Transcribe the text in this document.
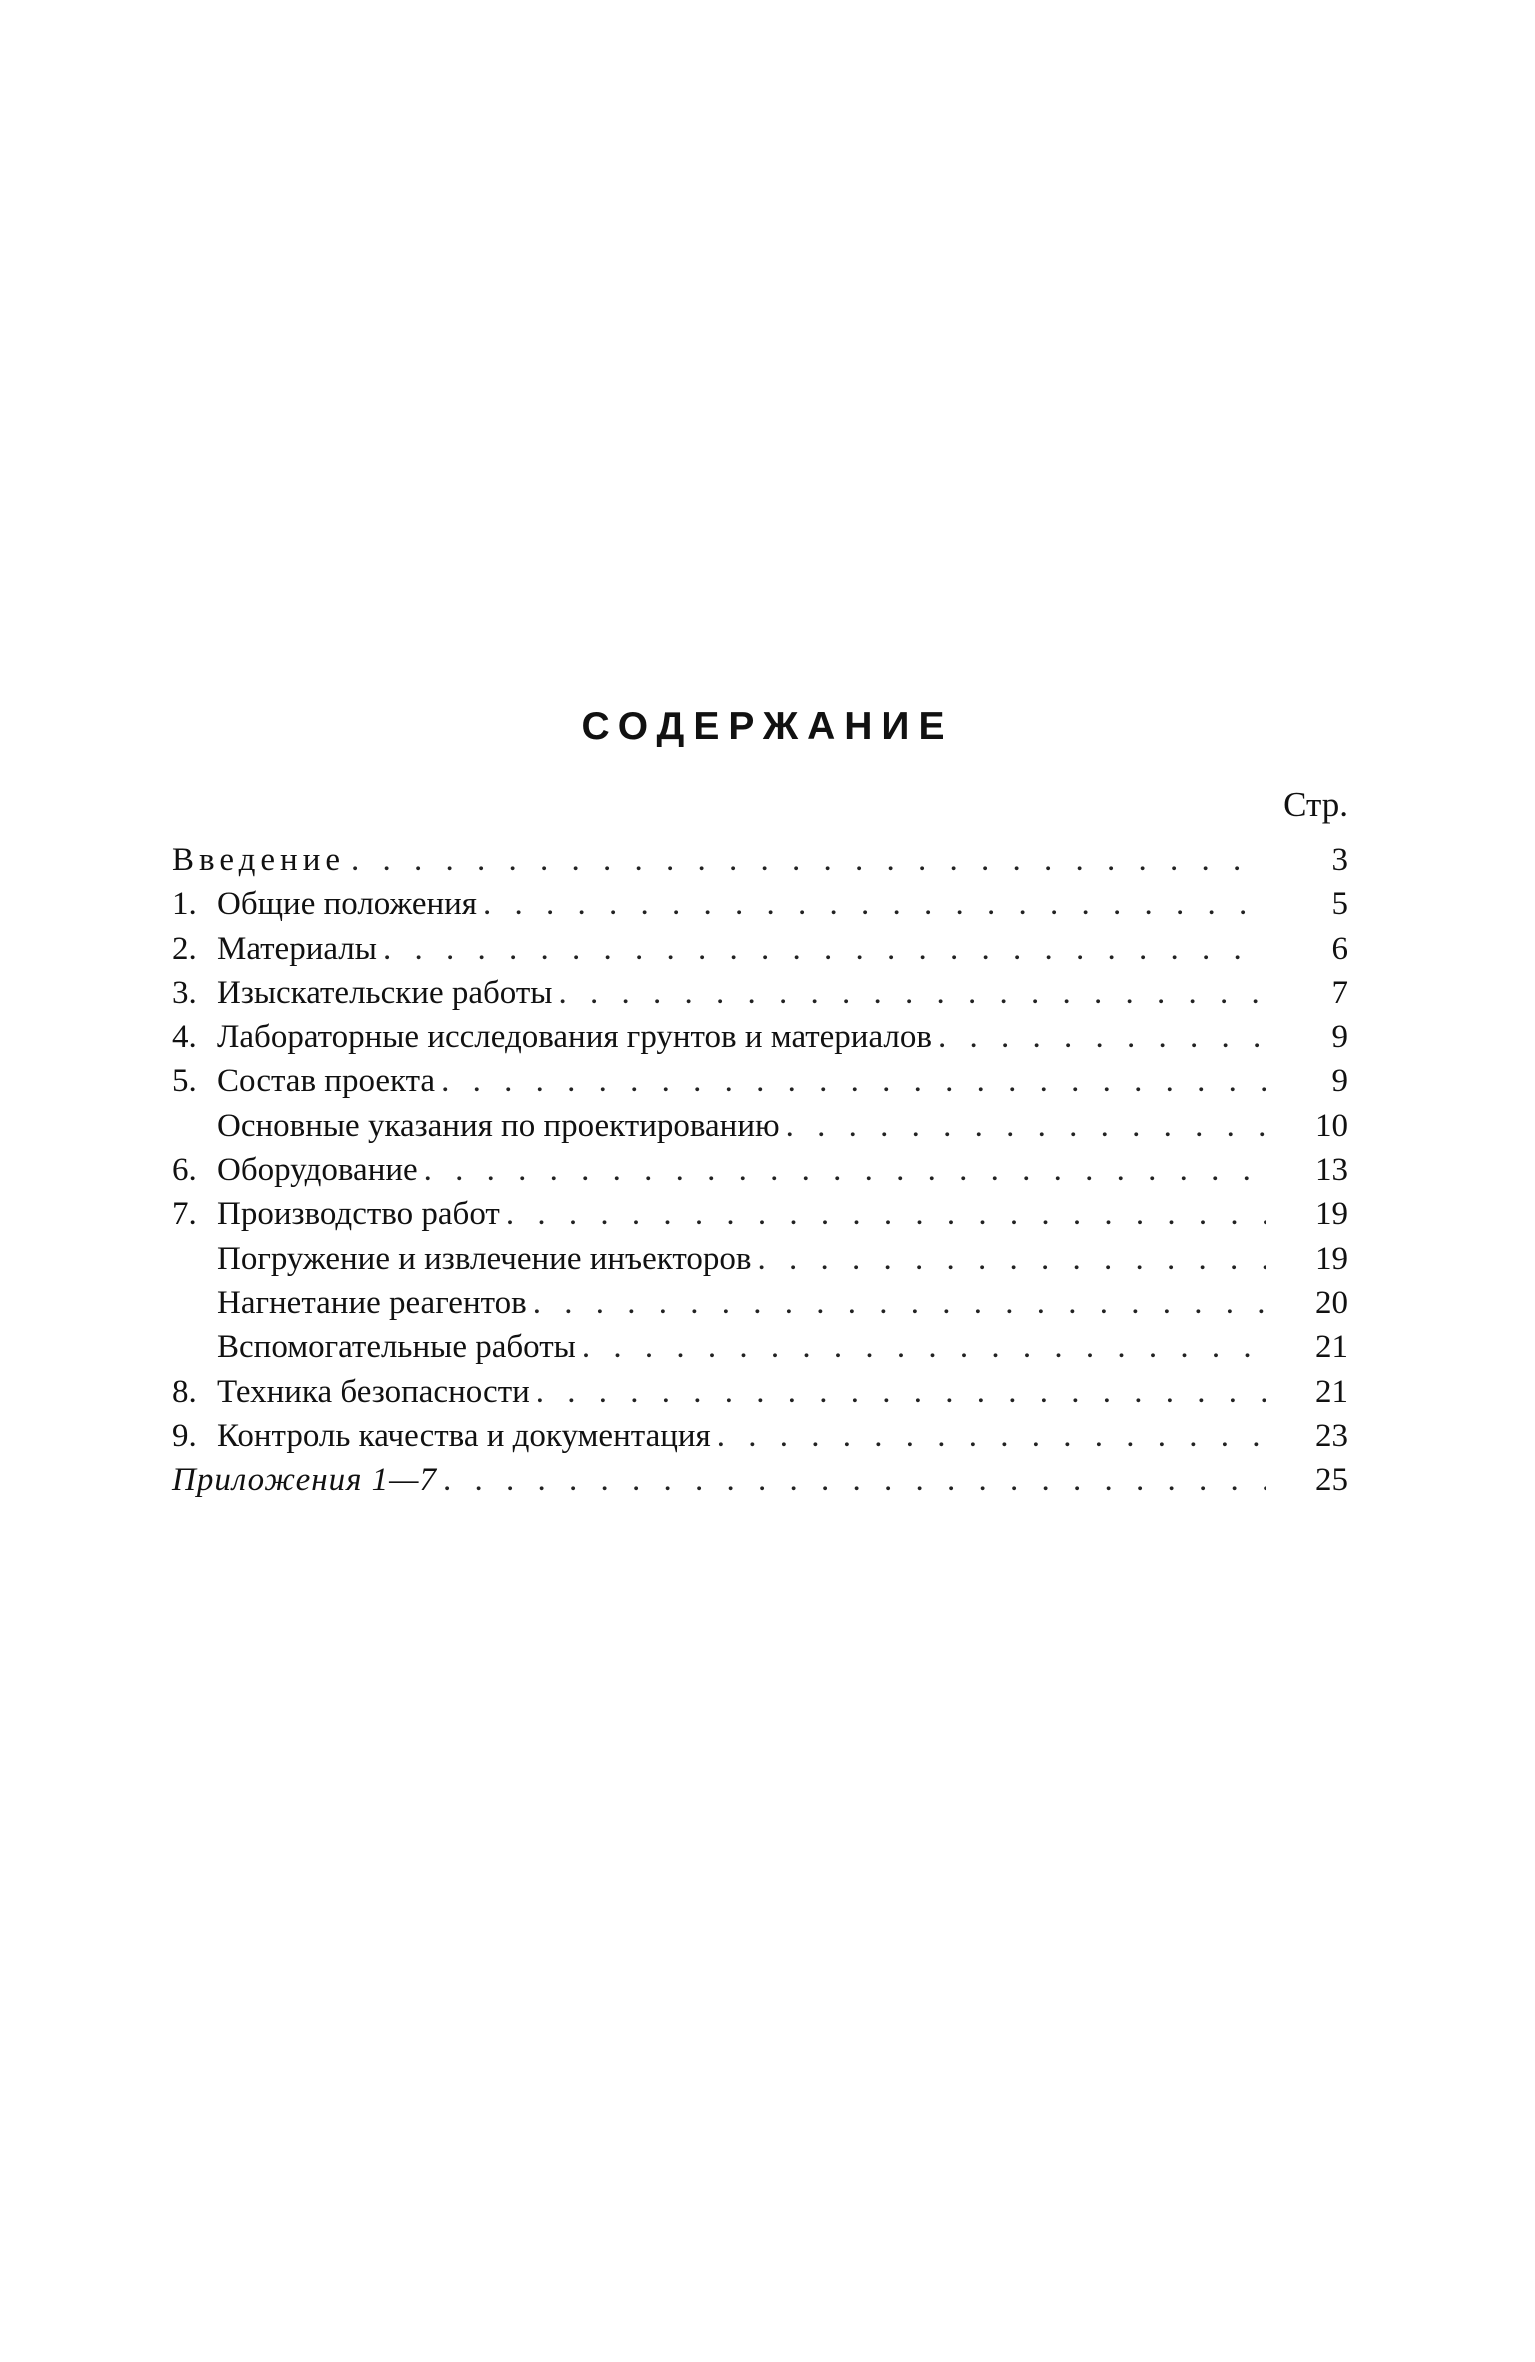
СОДЕРЖАНИЕ
Стр.
Введение . . .	3
1. Общие положения . . .	5
2. Материалы . . .	6
3. Изыскательские работы . . .	7
4. Лабораторные исследования грунтов и материалов . . .	9
5. Состав проекта . . .	9
Основные указания по проектированию . . .	10
6. Оборудование . . .	13
7. Производство работ . . .	19
Погружение и извлечение инъекторов . . .	19
Нагнетание реагентов . . .	20
Вспомогательные работы . . .	21
8. Техника безопасности . . .	21
9. Контроль качества и документация . . .	23
Приложения 1—7 . . .	25
